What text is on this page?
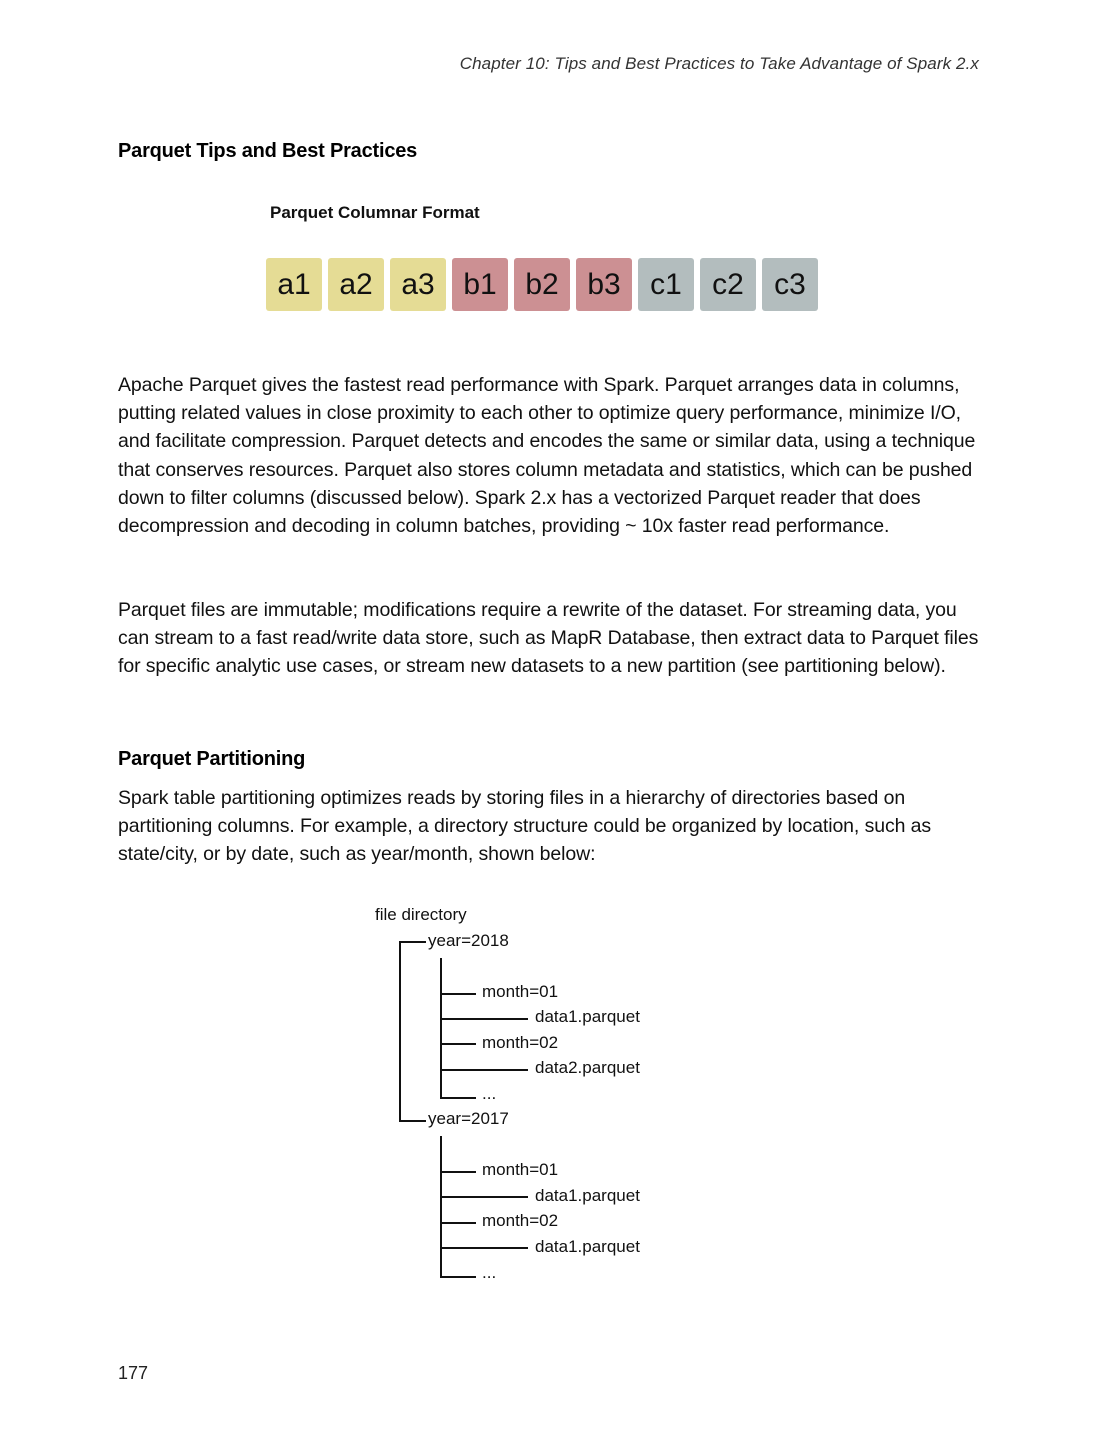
Chapter 10: Tips and Best Practices to Take Advantage of Spark 2.x
Parquet Tips and Best Practices
Parquet Columnar Format
a1 a2 a3 b1 b2 b3 c1	c2	c3

Apache Parquet gives the fastest read performance with Spark. Parquet arranges data in columns, putting related values in close proximity to each other to optimize query performance, minimize I/O, and facilitate compression. Parquet detects and encodes the same or similar data, using a technique that conserves resources. Parquet also stores column metadata and statistics, which can be pushed down to filter columns (discussed below). Spark 2.x has a vectorized Parquet reader that does decompression and decoding in column batches, providing ~ 10x faster read performance.

Parquet files are immutable; modifications require a rewrite of the dataset. For streaming data, you can stream to a fast read/write data store, such as MapR Database, then extract data to Parquet files for specific analytic use cases, or stream new datasets to a new partition (see partitioning below).

Parquet Partitioning

Spark table partitioning optimizes reads by storing files in a hierarchy of directories based on partitioning columns. For example, a directory structure could be organized by location, such as state/city, or by date, such as year/month, shown below:

file directory
year=2018
month=01
data1.parquet
month=02
data2.parquet
...
year=2017
month=01
data1.parquet
month=02
data1.parquet
...
177
